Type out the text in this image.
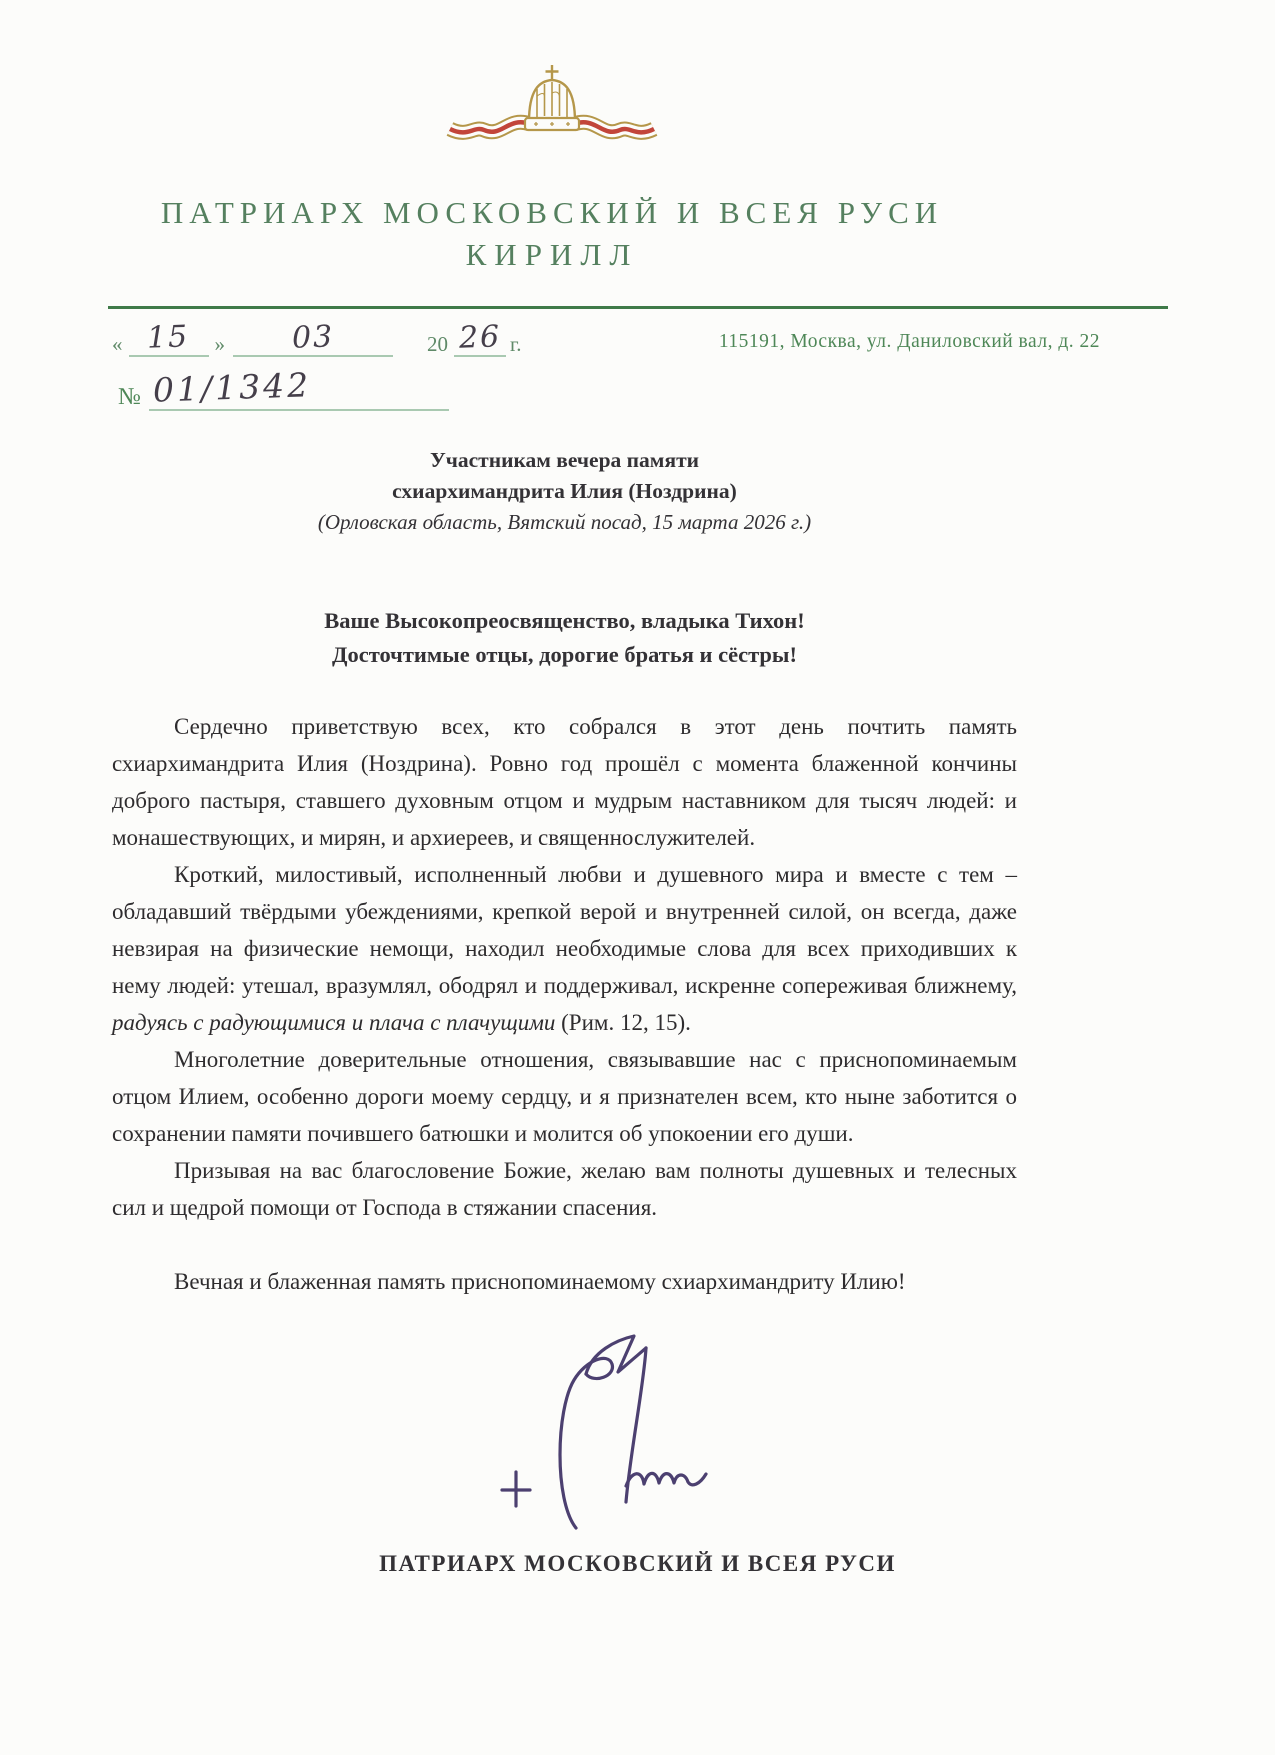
ПАТРИАРХ МОСКОВСКИЙ И ВСЕЯ РУСИ
КИРИЛЛ
« 15	»	03	20 26 г.	115191, Москва, ул. Даниловский вал, д. 22
№ 01/1342
Участникам вечера памяти
схиархимандрита Илия (Ноздрина)
(Орловская область, Вятский посад, 15 марта 2026 г.)
Ваше Высокопреосвященство, владыка Тихон!
Досточтимые отцы, дорогие братья и сёстры!

Сердечно приветствую всех, кто собрался в этот день почтить память схиархимандрита Илия (Ноздрина). Ровно год прошёл с момента блаженной кончины доброго пастыря, ставшего духовным отцом и мудрым наставником для тысяч людей: и монашествующих, и мирян, и архиереев, и священнослужителей.

Кроткий, милостивый, исполненный любви и душевного мира и вместе с тем – обладавший твёрдыми убеждениями, крепкой верой и внутренней силой, он всегда, даже невзирая на физические немощи, находил необходимые слова для всех приходивших к нему людей: утешал, вразумлял, ободрял и поддерживал, искренне сопереживая ближнему, радуясь с радующимися и плача с плачущими (Рим. 12, 15).

Многолетние доверительные отношения, связывавшие нас с приснопоминаемым отцом Илием, особенно дороги моему сердцу, и я признателен всем, кто ныне заботится о сохранении памяти почившего батюшки и молится об упокоении его души.

Призывая на вас благословение Божие, желаю вам полноты душевных и телесных сил и щедрой помощи от Господа в стяжании спасения.

Вечная и блаженная память приснопоминаемому схиархимандриту Илию!

ПАТРИАРХ МОСКОВСКИЙ И ВСЕЯ РУСИ
